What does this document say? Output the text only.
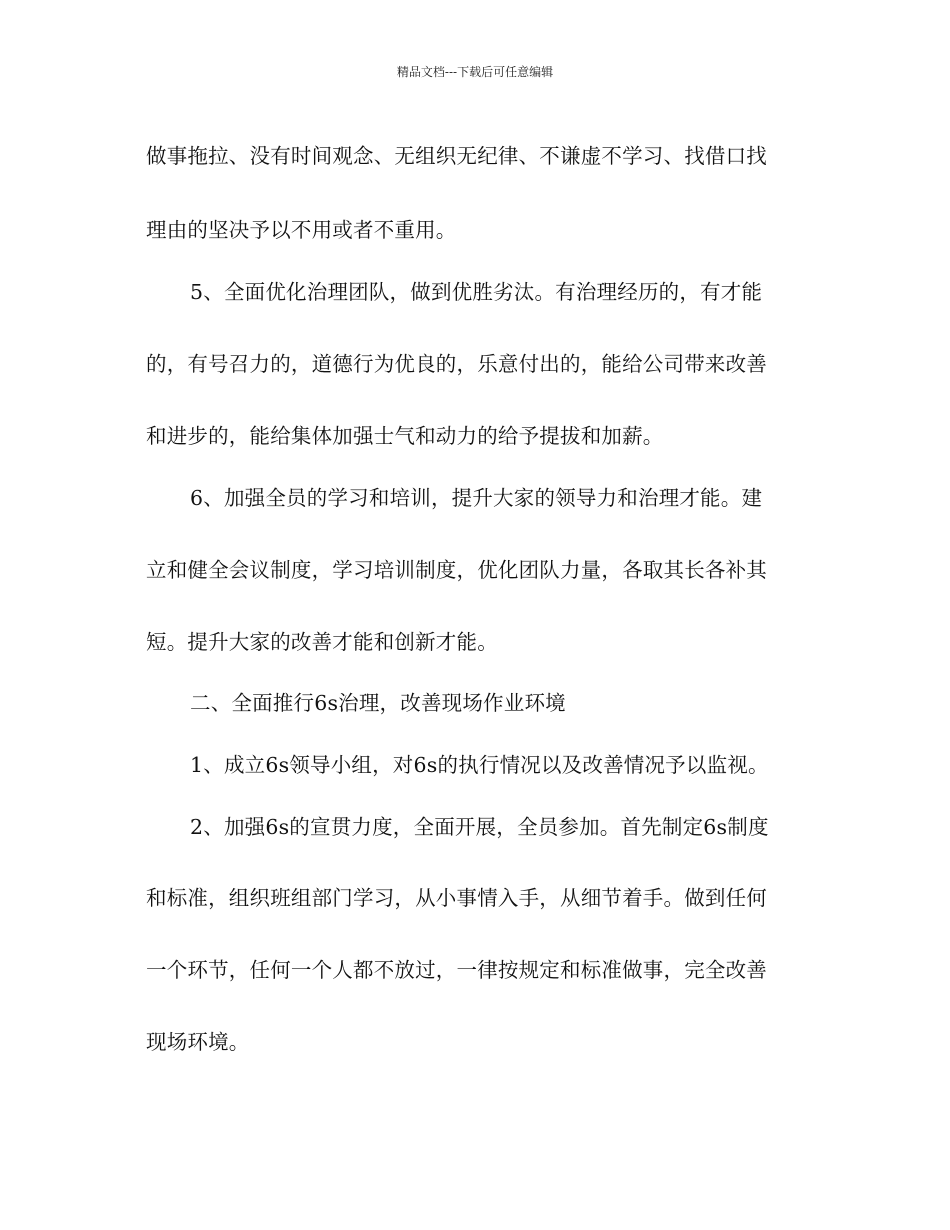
精品文档---下载后可任意编辑
做事拖拉、没有时间观念、无组织无纪律、不谦虚不学习、找借口找
理由的坚决予以不用或者不重用。
5、全面优化治理团队，做到优胜劣汰。有治理经历的，有才能
的，有号召力的，道德行为优良的，乐意付出的，能给公司带来改善
和进步的，能给集体加强士气和动力的给予提拔和加薪。
6、加强全员的学习和培训，提升大家的领导力和治理才能。建
立和健全会议制度，学习培训制度，优化团队力量，各取其长各补其
短。提升大家的改善才能和创新才能。
二、全面推行6s治理，改善现场作业环境
1、成立6s领导小组，对6s的执行情况以及改善情况予以监视。
2、加强6s的宣贯力度，全面开展，全员参加。首先制定6s制度
和标准，组织班组部门学习，从小事情入手，从细节着手。做到任何
一个环节，任何一个人都不放过，一律按规定和标准做事，完全改善
现场环境。
